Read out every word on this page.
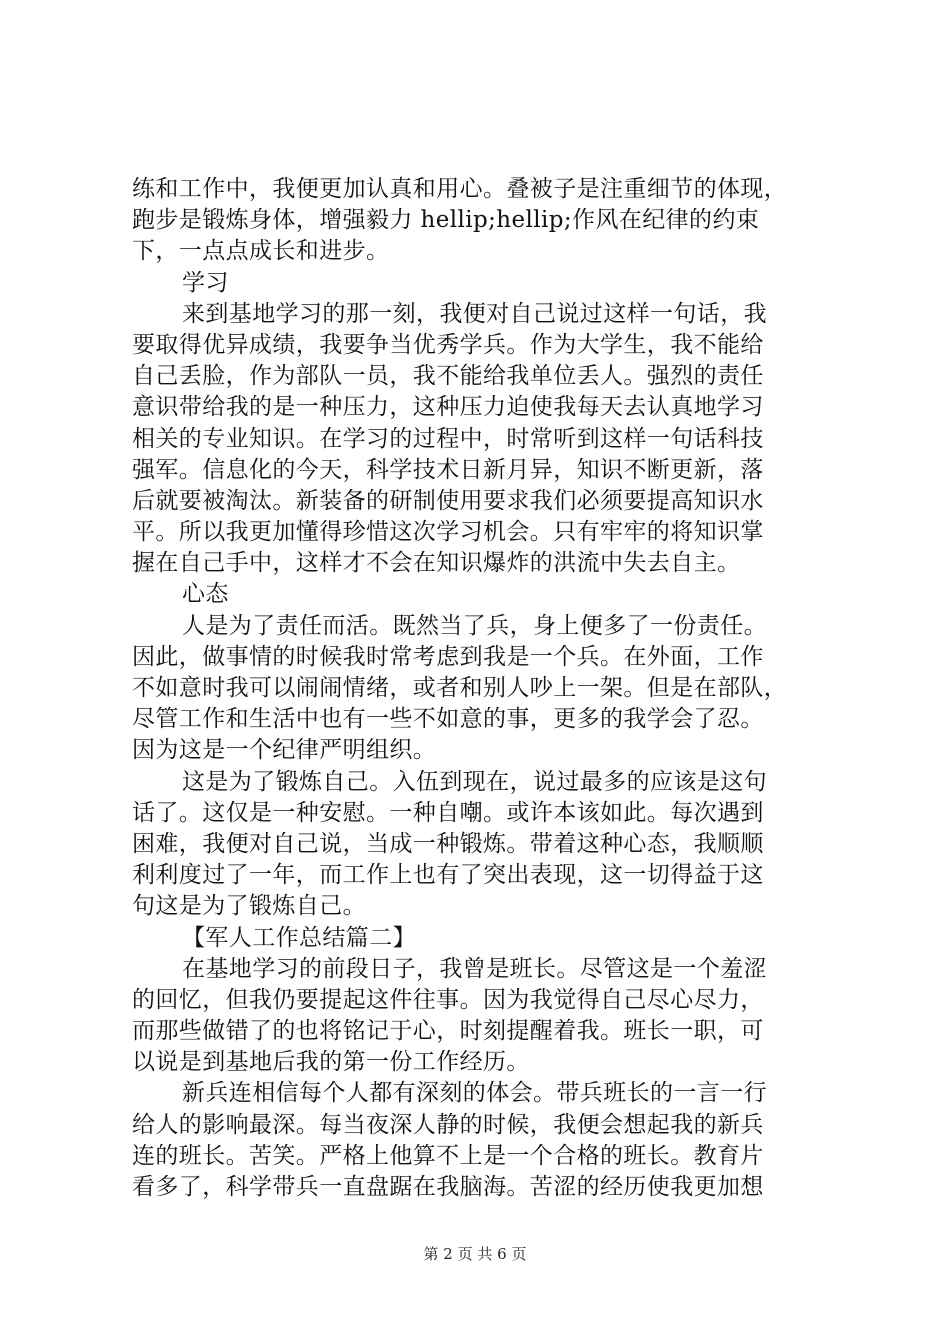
练和工作中，我便更加认真和用心。叠被子是注重细节的体现，
跑步是锻炼身体，增强毅力 hellip;hellip;作风在纪律的约束
下，一点点成长和进步。
学习
来到基地学习的那一刻，我便对自己说过这样一句话，我
要取得优异成绩，我要争当优秀学兵。作为大学生，我不能给
自己丢脸，作为部队一员，我不能给我单位丢人。强烈的责任
意识带给我的是一种压力，这种压力迫使我每天去认真地学习
相关的专业知识。在学习的过程中，时常听到这样一句话科技
强军。信息化的今天，科学技术日新月异，知识不断更新，落
后就要被淘汰。新装备的研制使用要求我们必须要提高知识水
平。所以我更加懂得珍惜这次学习机会。只有牢牢的将知识掌
握在自己手中，这样才不会在知识爆炸的洪流中失去自主。
心态
人是为了责任而活。既然当了兵，身上便多了一份责任。
因此，做事情的时候我时常考虑到我是一个兵。在外面，工作
不如意时我可以闹闹情绪，或者和别人吵上一架。但是在部队，
尽管工作和生活中也有一些不如意的事，更多的我学会了忍。
因为这是一个纪律严明组织。
这是为了锻炼自己。入伍到现在，说过最多的应该是这句
话了。这仅是一种安慰。一种自嘲。或许本该如此。每次遇到
困难，我便对自己说，当成一种锻炼。带着这种心态，我顺顺
利利度过了一年，而工作上也有了突出表现，这一切得益于这
句这是为了锻炼自己。
【军人工作总结篇二】
在基地学习的前段日子，我曾是班长。尽管这是一个羞涩
的回忆，但我仍要提起这件往事。因为我觉得自己尽心尽力，
而那些做错了的也将铭记于心，时刻提醒着我。班长一职，可
以说是到基地后我的第一份工作经历。
新兵连相信每个人都有深刻的体会。带兵班长的一言一行
给人的影响最深。每当夜深人静的时候，我便会想起我的新兵
连的班长。苦笑。严格上他算不上是一个合格的班长。教育片
看多了，科学带兵一直盘踞在我脑海。苦涩的经历使我更加想
第 2 页 共 6 页
